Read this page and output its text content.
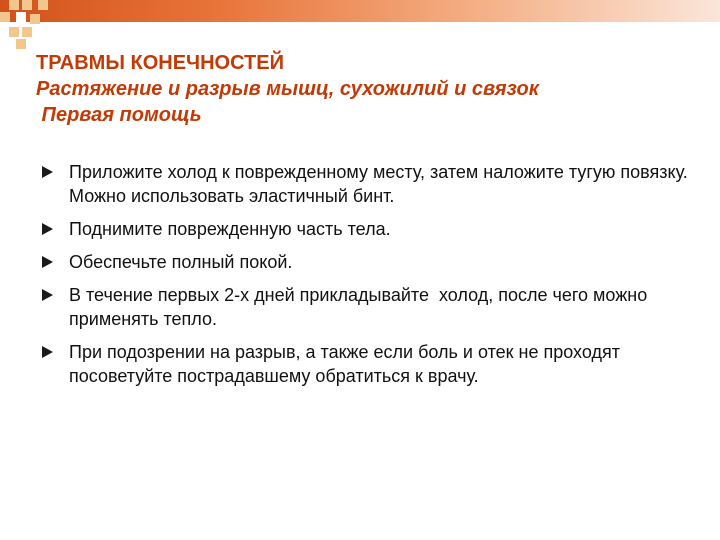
ТРАВМЫ КОНЕЧНОСТЕЙ
Растяжение и разрыв мышц, сухожилий и связок
Первая помощь
Приложите холод к поврежденному месту, затем наложите тугую повязку. Можно использовать эластичный бинт.
Поднимите поврежденную часть тела.
Обеспечьте полный покой.
В течение первых 2-х дней прикладывайте  холод, после чего можно применять тепло.
При подозрении на разрыв, а также если боль и отек не проходят посоветуйте пострадавшему обратиться к врачу.
